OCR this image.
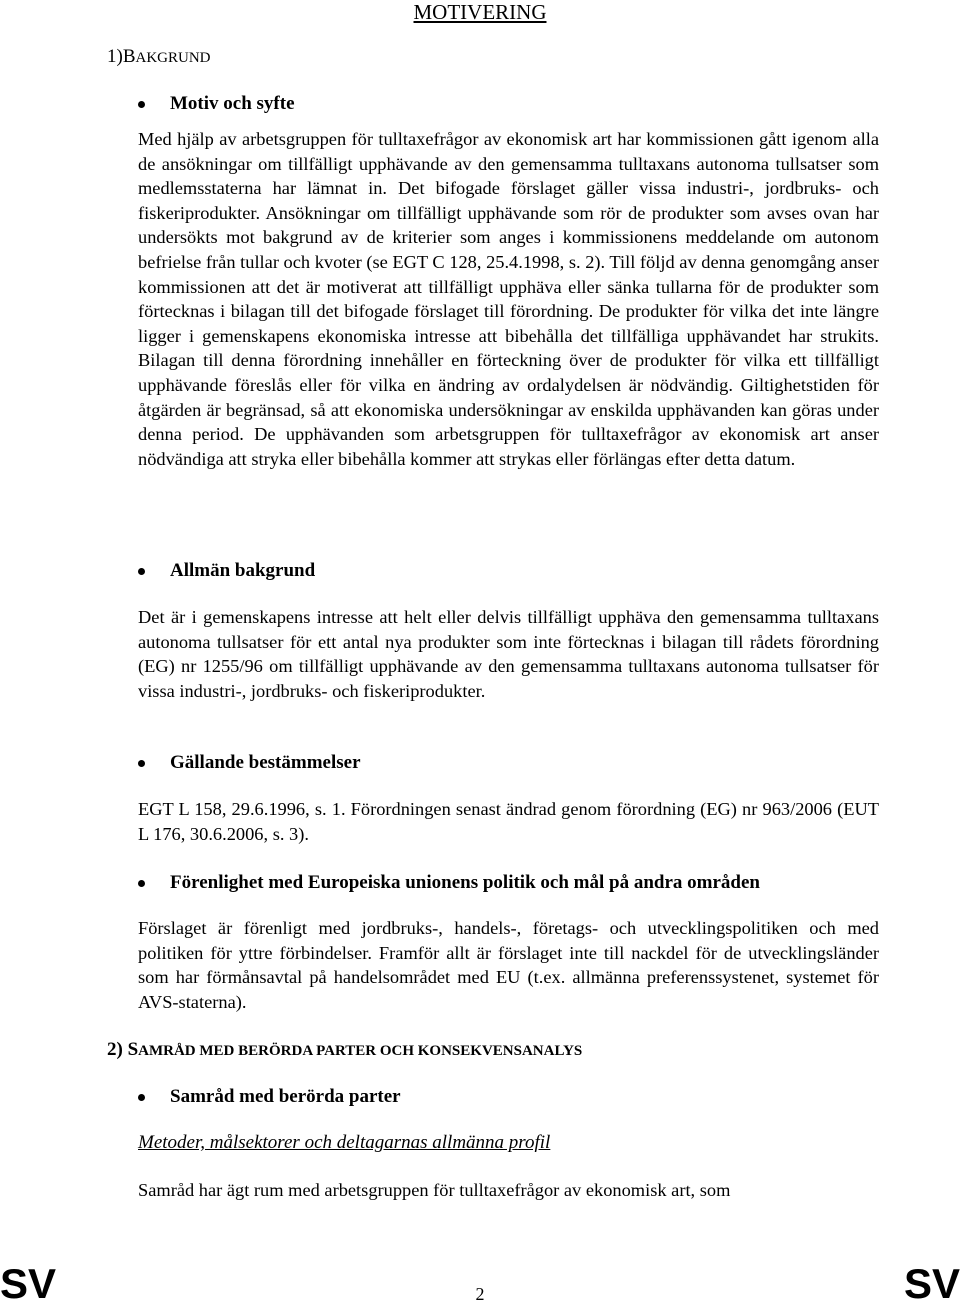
MOTIVERING
1)BAKGRUND
Motiv och syfte

Med hjälp av arbetsgruppen för tulltaxefrågor av ekonomisk art har kommissionen gått igenom alla de ansökningar om tillfälligt upphävande av den gemensamma tulltaxans autonoma tullsatser som medlemsstaterna har lämnat in. Det bifogade förslaget gäller vissa industri-, jordbruks- och fiskeriprodukter. Ansökningar om tillfälligt upphävande som rör de produkter som avses ovan har undersökts mot bakgrund av de kriterier som anges i kommissionens meddelande om autonom befrielse från tullar och kvoter (se EGT C 128, 25.4.1998, s. 2). Till följd av denna genomgång anser kommissionen att det är motiverat att tillfälligt upphäva eller sänka tullarna för de produkter som förtecknas i bilagan till det bifogade förslaget till förordning. De produkter för vilka det inte längre ligger i gemenskapens ekonomiska intresse att bibehålla det tillfälliga upphävandet har strukits. Bilagan till denna förordning innehåller en förteckning över de produkter för vilka ett tillfälligt upphävande föreslås eller för vilka en ändring av ordalydelsen är nödvändig. Giltighetstiden för åtgärden är begränsad, så att ekonomiska undersökningar av enskilda upphävanden kan göras under denna period. De upphävanden som arbetsgruppen för tulltaxefrågor av ekonomisk art anser nödvändiga att stryka eller bibehålla kommer att strykas eller förlängas efter detta datum.

Allmän bakgrund

Det är i gemenskapens intresse att helt eller delvis tillfälligt upphäva den gemensamma tulltaxans autonoma tullsatser för ett antal nya produkter som inte förtecknas i bilagan till rådets förordning (EG) nr 1255/96 om tillfälligt upphävande av den gemensamma tulltaxans autonoma tullsatser för vissa industri-, jordbruks- och fiskeriprodukter.

Gällande bestämmelser

EGT L 158, 29.6.1996, s. 1. Förordningen senast ändrad genom förordning (EG) nr 963/2006 (EUT L 176, 30.6.2006, s. 3).

Förenlighet med Europeiska unionens politik och mål på andra områden

Förslaget är förenligt med jordbruks-, handels-, företags- och utvecklingspolitiken och med politiken för yttre förbindelser. Framför allt är förslaget inte till nackdel för de utvecklingsländer som har förmånsavtal på handelsområdet med EU (t.ex. allmänna preferenssystenet, systemet för AVS-staterna).

2) SAMRÅD MED BERÖRDA PARTER OCH KONSEKVENSANALYS
Samråd med berörda parter
Metoder, målsektorer och deltagarnas allmänna profil

Samråd har ägt rum med arbetsgruppen för tulltaxefrågor av ekonomisk art, som

SV	2	SV
